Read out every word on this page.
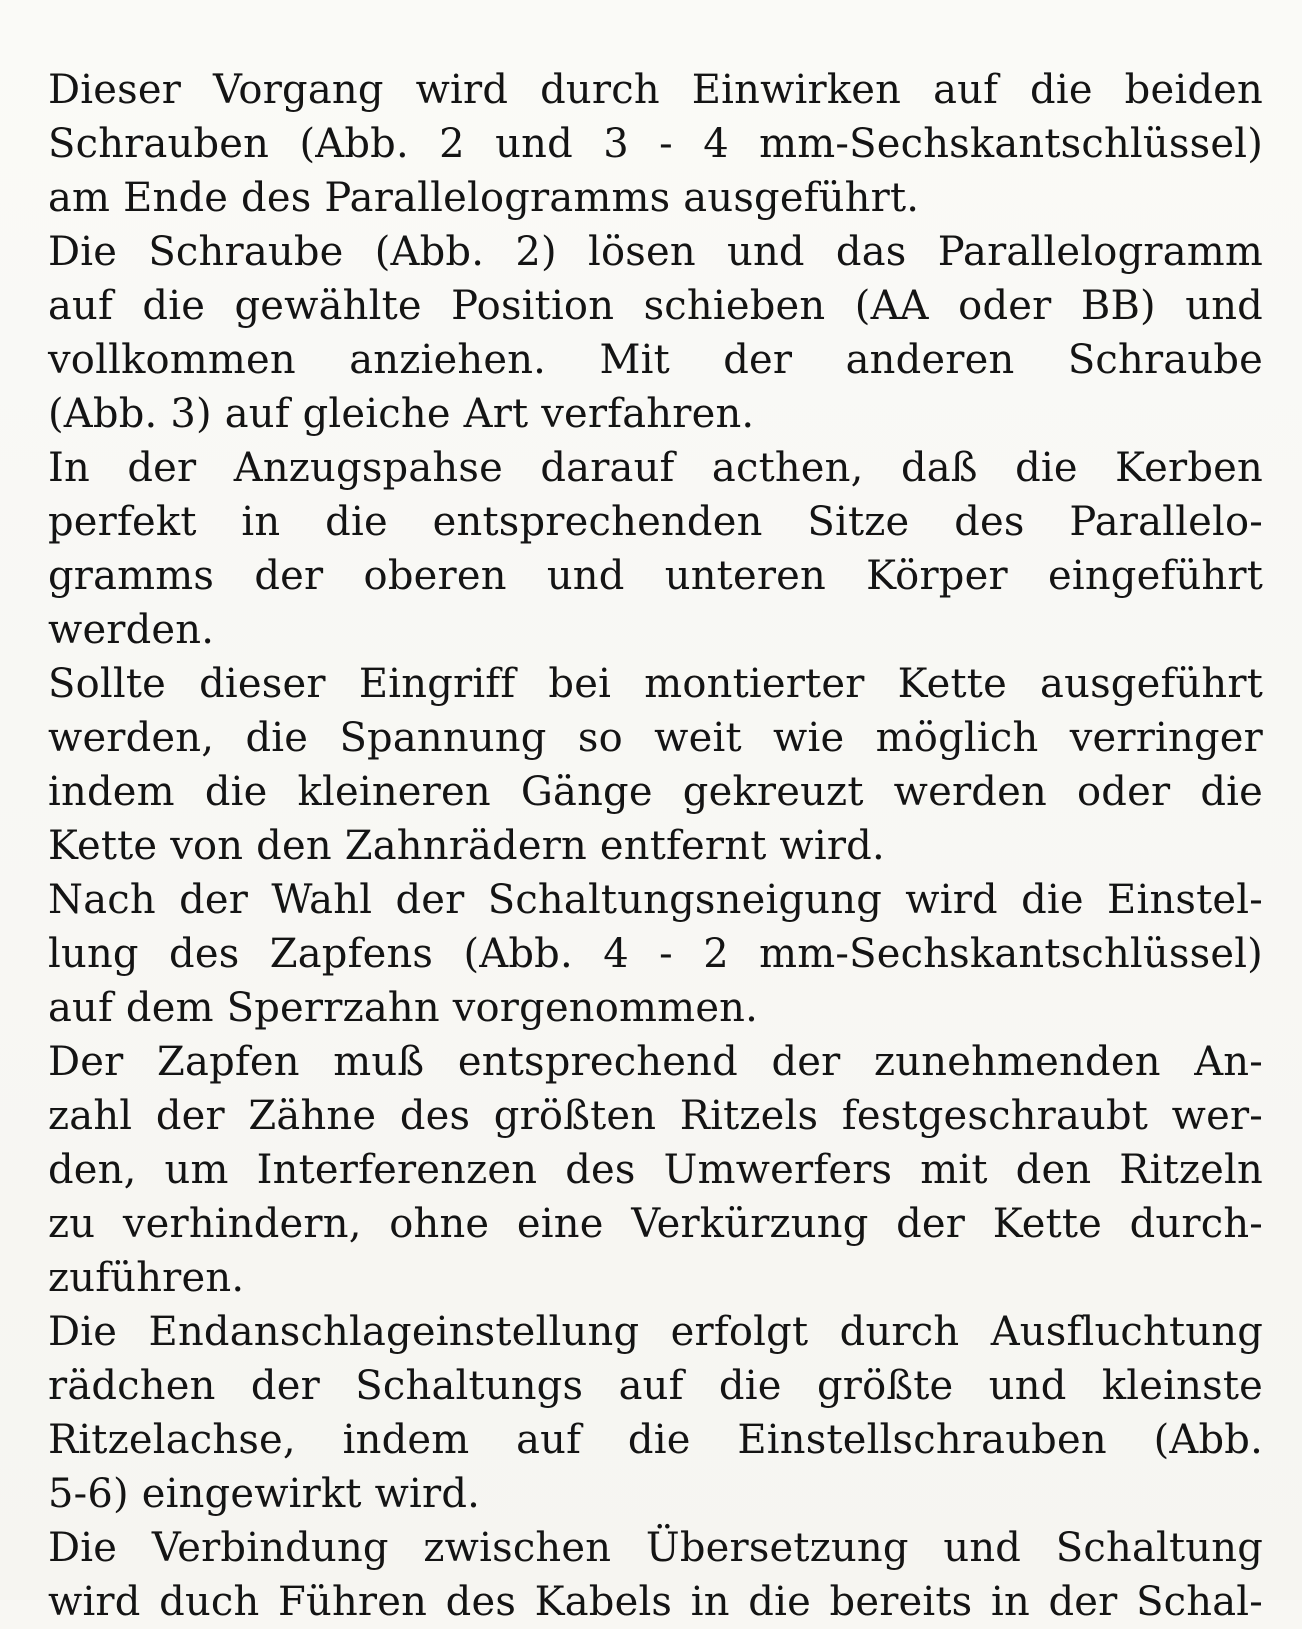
Dieser Vorgang wird durch Einwirken auf die beiden
Schrauben (Abb. 2 und 3 - 4 mm-Sechskantschlüssel)
am Ende des Parallelogramms ausgeführt.
Die Schraube (Abb. 2) lösen und das Parallelogramm
auf die gewählte Position schieben (AA oder BB) und
vollkommen anziehen. Mit der anderen Schraube
(Abb. 3) auf gleiche Art verfahren.
In der Anzugspahse darauf acthen, daß die Kerben
perfekt in die entsprechenden Sitze des Parallelo-
gramms der oberen und unteren Körper eingeführt
werden.
Sollte dieser Eingriff bei montierter Kette ausgeführt
werden, die Spannung so weit wie möglich verringer
indem die kleineren Gänge gekreuzt werden oder die
Kette von den Zahnrädern entfernt wird.
Nach der Wahl der Schaltungsneigung wird die Einstel-
lung des Zapfens (Abb. 4 - 2 mm-Sechskantschlüssel)
auf dem Sperrzahn vorgenommen.
Der Zapfen muß entsprechend der zunehmenden An-
zahl der Zähne des größten Ritzels festgeschraubt wer-
den, um Interferenzen des Umwerfers mit den Ritzeln
zu verhindern, ohne eine Verkürzung der Kette durch-
zuführen.
Die Endanschlageinstellung erfolgt durch Ausfluchtung
rädchen der Schaltungs auf die größte und kleinste
Ritzelachse, indem auf die Einstellschrauben (Abb.
5-6) eingewirkt wird.
Die Verbindung zwischen Übersetzung und Schaltung
wird duch Führen des Kabels in die bereits in der Schal-
